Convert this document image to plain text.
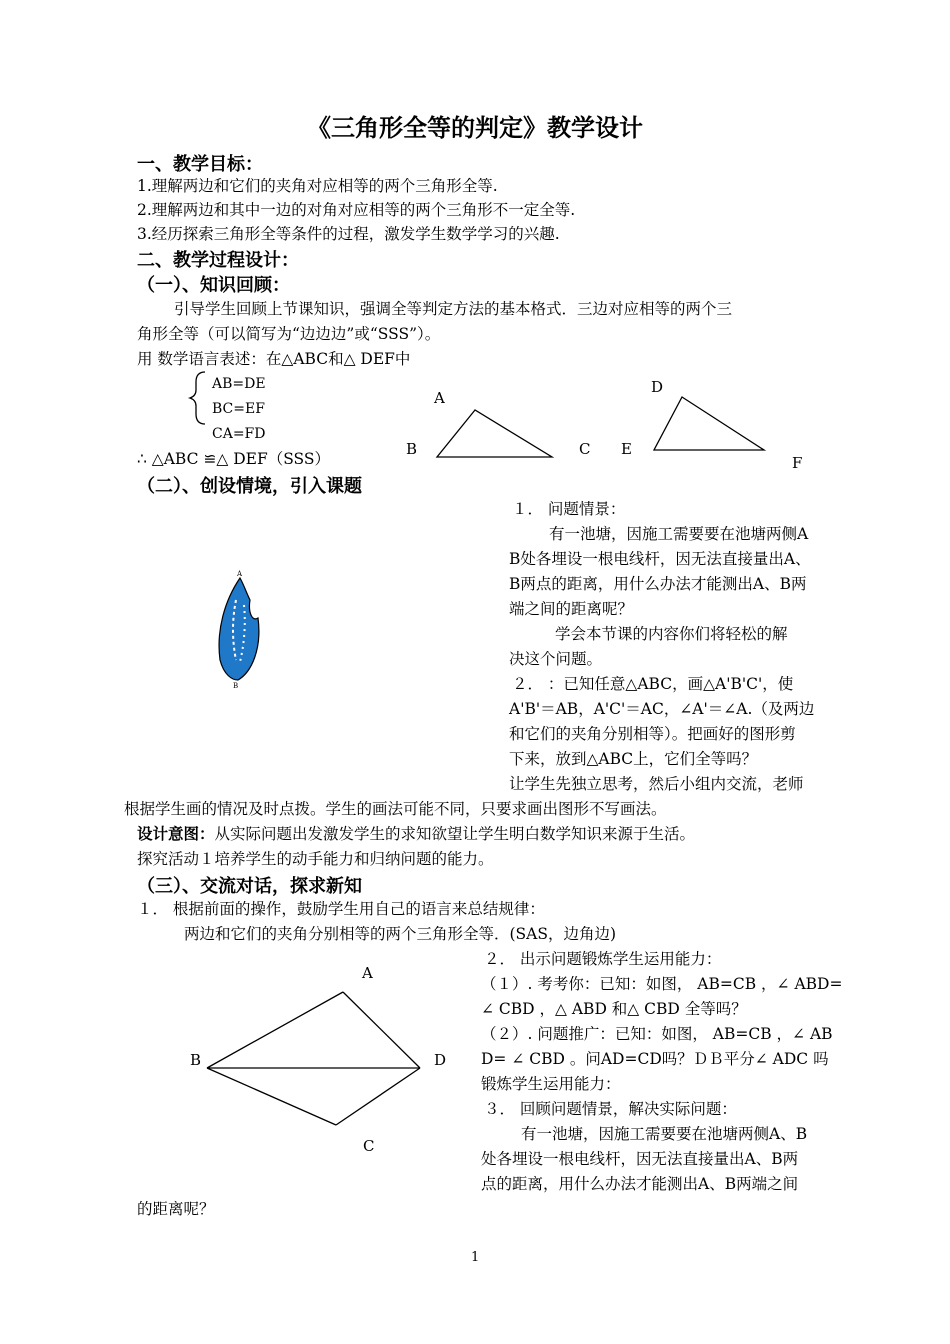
《三角形全等的判定》教学设计
一、教学目标：
1.理解两边和它们的夹角对应相等的两个三角形全等.
2.理解两边和其中一边的对角对应相等的两个三角形不一定全等.
3.经历探索三角形全等条件的过程，激发学生数学学习的兴趣.
二、教学过程设计：
（一）、知识回顾：
引导学生回顾上节课知识，强调全等判定方法的基本格式．三边对应相等的两个三
角形全等（可以简写为“边边边”或“SSS”）。
用 数学语言表述：在△ABC和△ DEF中
AB=DE
BC=EF
CA=FD
∴ △ABC ≌△ DEF（SSS）
A
B	C
D
E
F
（二）、创设情境，引入课题
A
B
１． 问题情景：
有一池塘，因施工需要要在池塘两侧A
B处各埋设一根电线杆，因无法直接量出A、
B两点的距离，用什么办法才能测出A、B两
端之间的距离呢？
学会本节课的内容你们将轻松的解
决这个问题。
２． ：已知任意△ABC，画△A'B'C'，使
A'B'＝AB，A'C'＝AC，∠A'＝∠A.（及两边
和它们的夹角分别相等）。把画好的图形剪
下来，放到△ABC上，它们全等吗？
让学生先独立思考，然后小组内交流，老师
根据学生画的情况及时点拨。学生的画法可能不同，只要求画出图形不写画法。
设计意图：从实际问题出发激发学生的求知欲望让学生明白数学知识来源于生活。
探究活动１培养学生的动手能力和归纳问题的能力。
（三）、交流对话，探求新知
１． 根据前面的操作，鼓励学生用自己的语言来总结规律：
两边和它们的夹角分别相等的两个三角形全等．(SAS，边角边)
２． 出示问题锻炼学生运用能力：
（１）. 考考你：已知：如图， AB=CB ，∠ ABD=
∠ CBD ，△ ABD 和△ CBD 全等吗？
（２）. 问题推广：已知：如图， AB=CB ，∠ AB
D= ∠ CBD 。问AD=CD吗？ＤＢ平分∠ ADC 吗
锻炼学生运用能力：
３． 回顾问题情景，解决实际问题：
有一池塘，因施工需要要在池塘两侧A、B
处各埋设一根电线杆，因无法直接量出A、B两
点的距离，用什么办法才能测出A、B两端之间
的距离呢？
A
B
C
D
1
